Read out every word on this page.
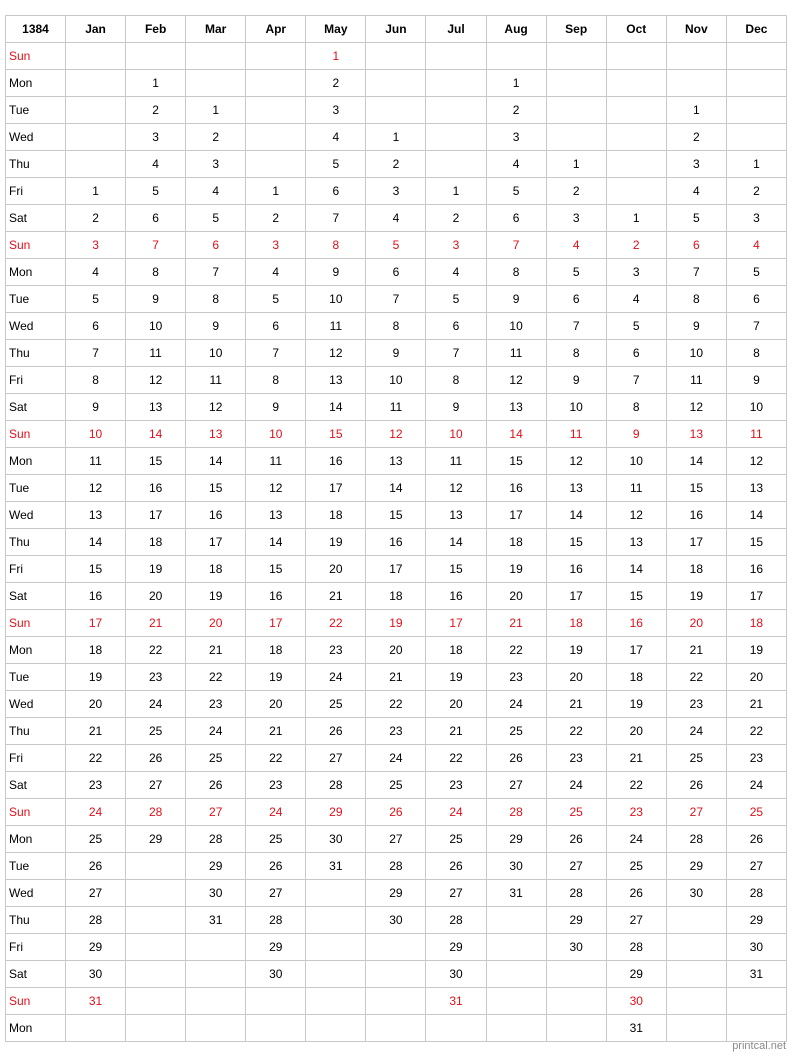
1384	Jan	Feb	Mar	Apr	May	Jun	Jul	Aug	Sep	Oct	Nov	Dec
Sun					1							
Mon		1			2			1				
Tue		2	1		3			2			1	
Wed		3	2		4	1		3			2	
Thu		4	3		5	2		4	1		3	1
Fri	1	5	4	1	6	3	1	5	2		4	2
Sat	2	6	5	2	7	4	2	6	3	1	5	3
Sun	3	7	6	3	8	5	3	7	4	2	6	4
Mon	4	8	7	4	9	6	4	8	5	3	7	5
Tue	5	9	8	5	10	7	5	9	6	4	8	6
Wed	6	10	9	6	11	8	6	10	7	5	9	7
Thu	7	11	10	7	12	9	7	11	8	6	10	8
Fri	8	12	11	8	13	10	8	12	9	7	11	9
Sat	9	13	12	9	14	11	9	13	10	8	12	10
Sun	10	14	13	10	15	12	10	14	11	9	13	11
Mon	11	15	14	11	16	13	11	15	12	10	14	12
Tue	12	16	15	12	17	14	12	16	13	11	15	13
Wed	13	17	16	13	18	15	13	17	14	12	16	14
Thu	14	18	17	14	19	16	14	18	15	13	17	15
Fri	15	19	18	15	20	17	15	19	16	14	18	16
Sat	16	20	19	16	21	18	16	20	17	15	19	17
Sun	17	21	20	17	22	19	17	21	18	16	20	18
Mon	18	22	21	18	23	20	18	22	19	17	21	19
Tue	19	23	22	19	24	21	19	23	20	18	22	20
Wed	20	24	23	20	25	22	20	24	21	19	23	21
Thu	21	25	24	21	26	23	21	25	22	20	24	22
Fri	22	26	25	22	27	24	22	26	23	21	25	23
Sat	23	27	26	23	28	25	23	27	24	22	26	24
Sun	24	28	27	24	29	26	24	28	25	23	27	25
Mon	25	29	28	25	30	27	25	29	26	24	28	26
Tue	26		29	26	31	28	26	30	27	25	29	27
Wed	27		30	27		29	27	31	28	26	30	28
Thu	28		31	28		30	28		29	27		29
Fri	29			29			29		30	28		30
Sat	30			30			30			29		31
Sun	31						31			30		
Mon										31		
printcal.net
